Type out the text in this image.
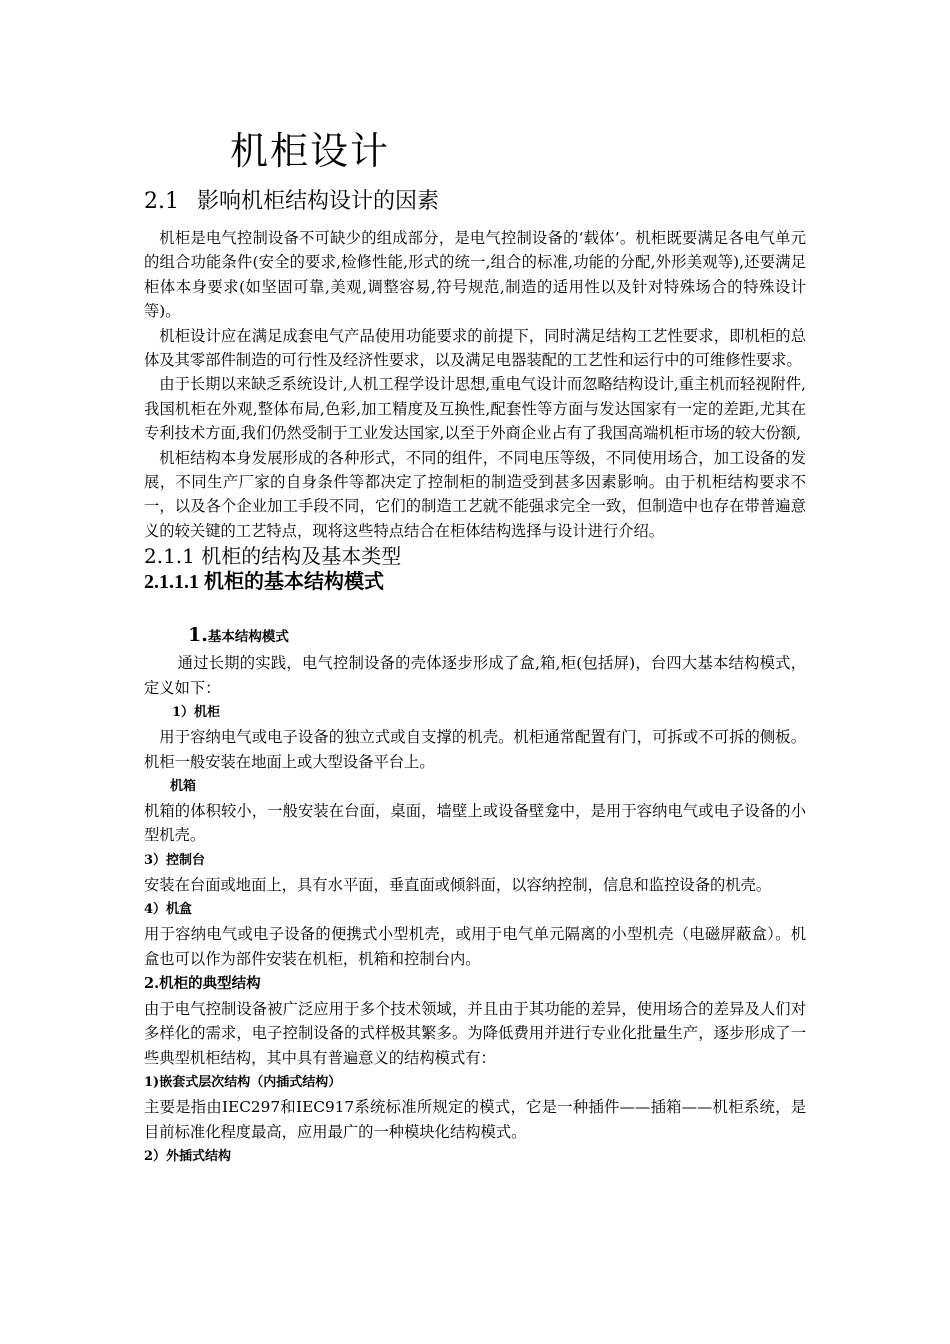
机柜设计
2.1 影响机柜结构设计的因素

机柜是电气控制设备不可缺少的组成部分，是电气控制设备的‘载体’。机柜既要满足各电气单元的组合功能条件(安全的要求,检修性能,形式的统一,组合的标准,功能的分配,外形美观等),还要满足柜体本身要求(如坚固可靠,美观,调整容易,符号规范,制造的适用性以及针对特殊场合的特殊设计等)。

机柜设计应在满足成套电气产品使用功能要求的前提下，同时满足结构工艺性要求，即机柜的总体及其零部件制造的可行性及经济性要求，以及满足电器装配的工艺性和运行中的可维修性要求。

由于长期以来缺乏系统设计,人机工程学设计思想,重电气设计而忽略结构设计,重主机而轻视附件,我国机柜在外观,整体布局,色彩,加工精度及互换性,配套性等方面与发达国家有一定的差距,尤其在专利技术方面,我们仍然受制于工业发达国家,以至于外商企业占有了我国高端机柜市场的较大份额,

机柜结构本身发展形成的各种形式，不同的组件，不同电压等级，不同使用场合，加工设备的发展，不同生产厂家的自身条件等都决定了控制柜的制造受到甚多因素影响。由于机柜结构要求不一，以及各个企业加工手段不同，它们的制造工艺就不能强求完全一致，但制造中也存在带普遍意义的较关键的工艺特点，现将这些特点结合在柜体结构选择与设计进行介绍。

2.1.1 机柜的结构及基本类型
2.1.1.1 机柜的基本结构模式
1.基本结构模式

通过长期的实践，电气控制设备的壳体逐步形成了盒,箱,柜(包括屏)，台四大基本结构模式，定义如下：

1）机柜

用于容纳电气或电子设备的独立式或自支撑的机壳。机柜通常配置有门，可拆或不可拆的侧板。机柜一般安装在地面上或大型设备平台上。

机箱

机箱的体积较小，一般安装在台面，桌面，墙壁上或设备壁龛中，是用于容纳电气或电子设备的小型机壳。

3）控制台

安装在台面或地面上，具有水平面，垂直面或倾斜面，以容纳控制，信息和监控设备的机壳。

4）机盒

用于容纳电气或电子设备的便携式小型机壳，或用于电气单元隔离的小型机壳（电磁屏蔽盒）。机盒也可以作为部件安装在机柜，机箱和控制台内。

2.机柜的典型结构

由于电气控制设备被广泛应用于多个技术领域，并且由于其功能的差异，使用场合的差异及人们对多样化的需求，电子控制设备的式样极其繁多。为降低费用并进行专业化批量生产，逐步形成了一些典型机柜结构，其中具有普遍意义的结构模式有：

1)嵌套式层次结构（内插式结构）

主要是指由IEC297和IEC917系统标准所规定的模式，它是一种插件——插箱——机柜系统，是目前标准化程度最高，应用最广的一种模块化结构模式。

2）外插式结构
